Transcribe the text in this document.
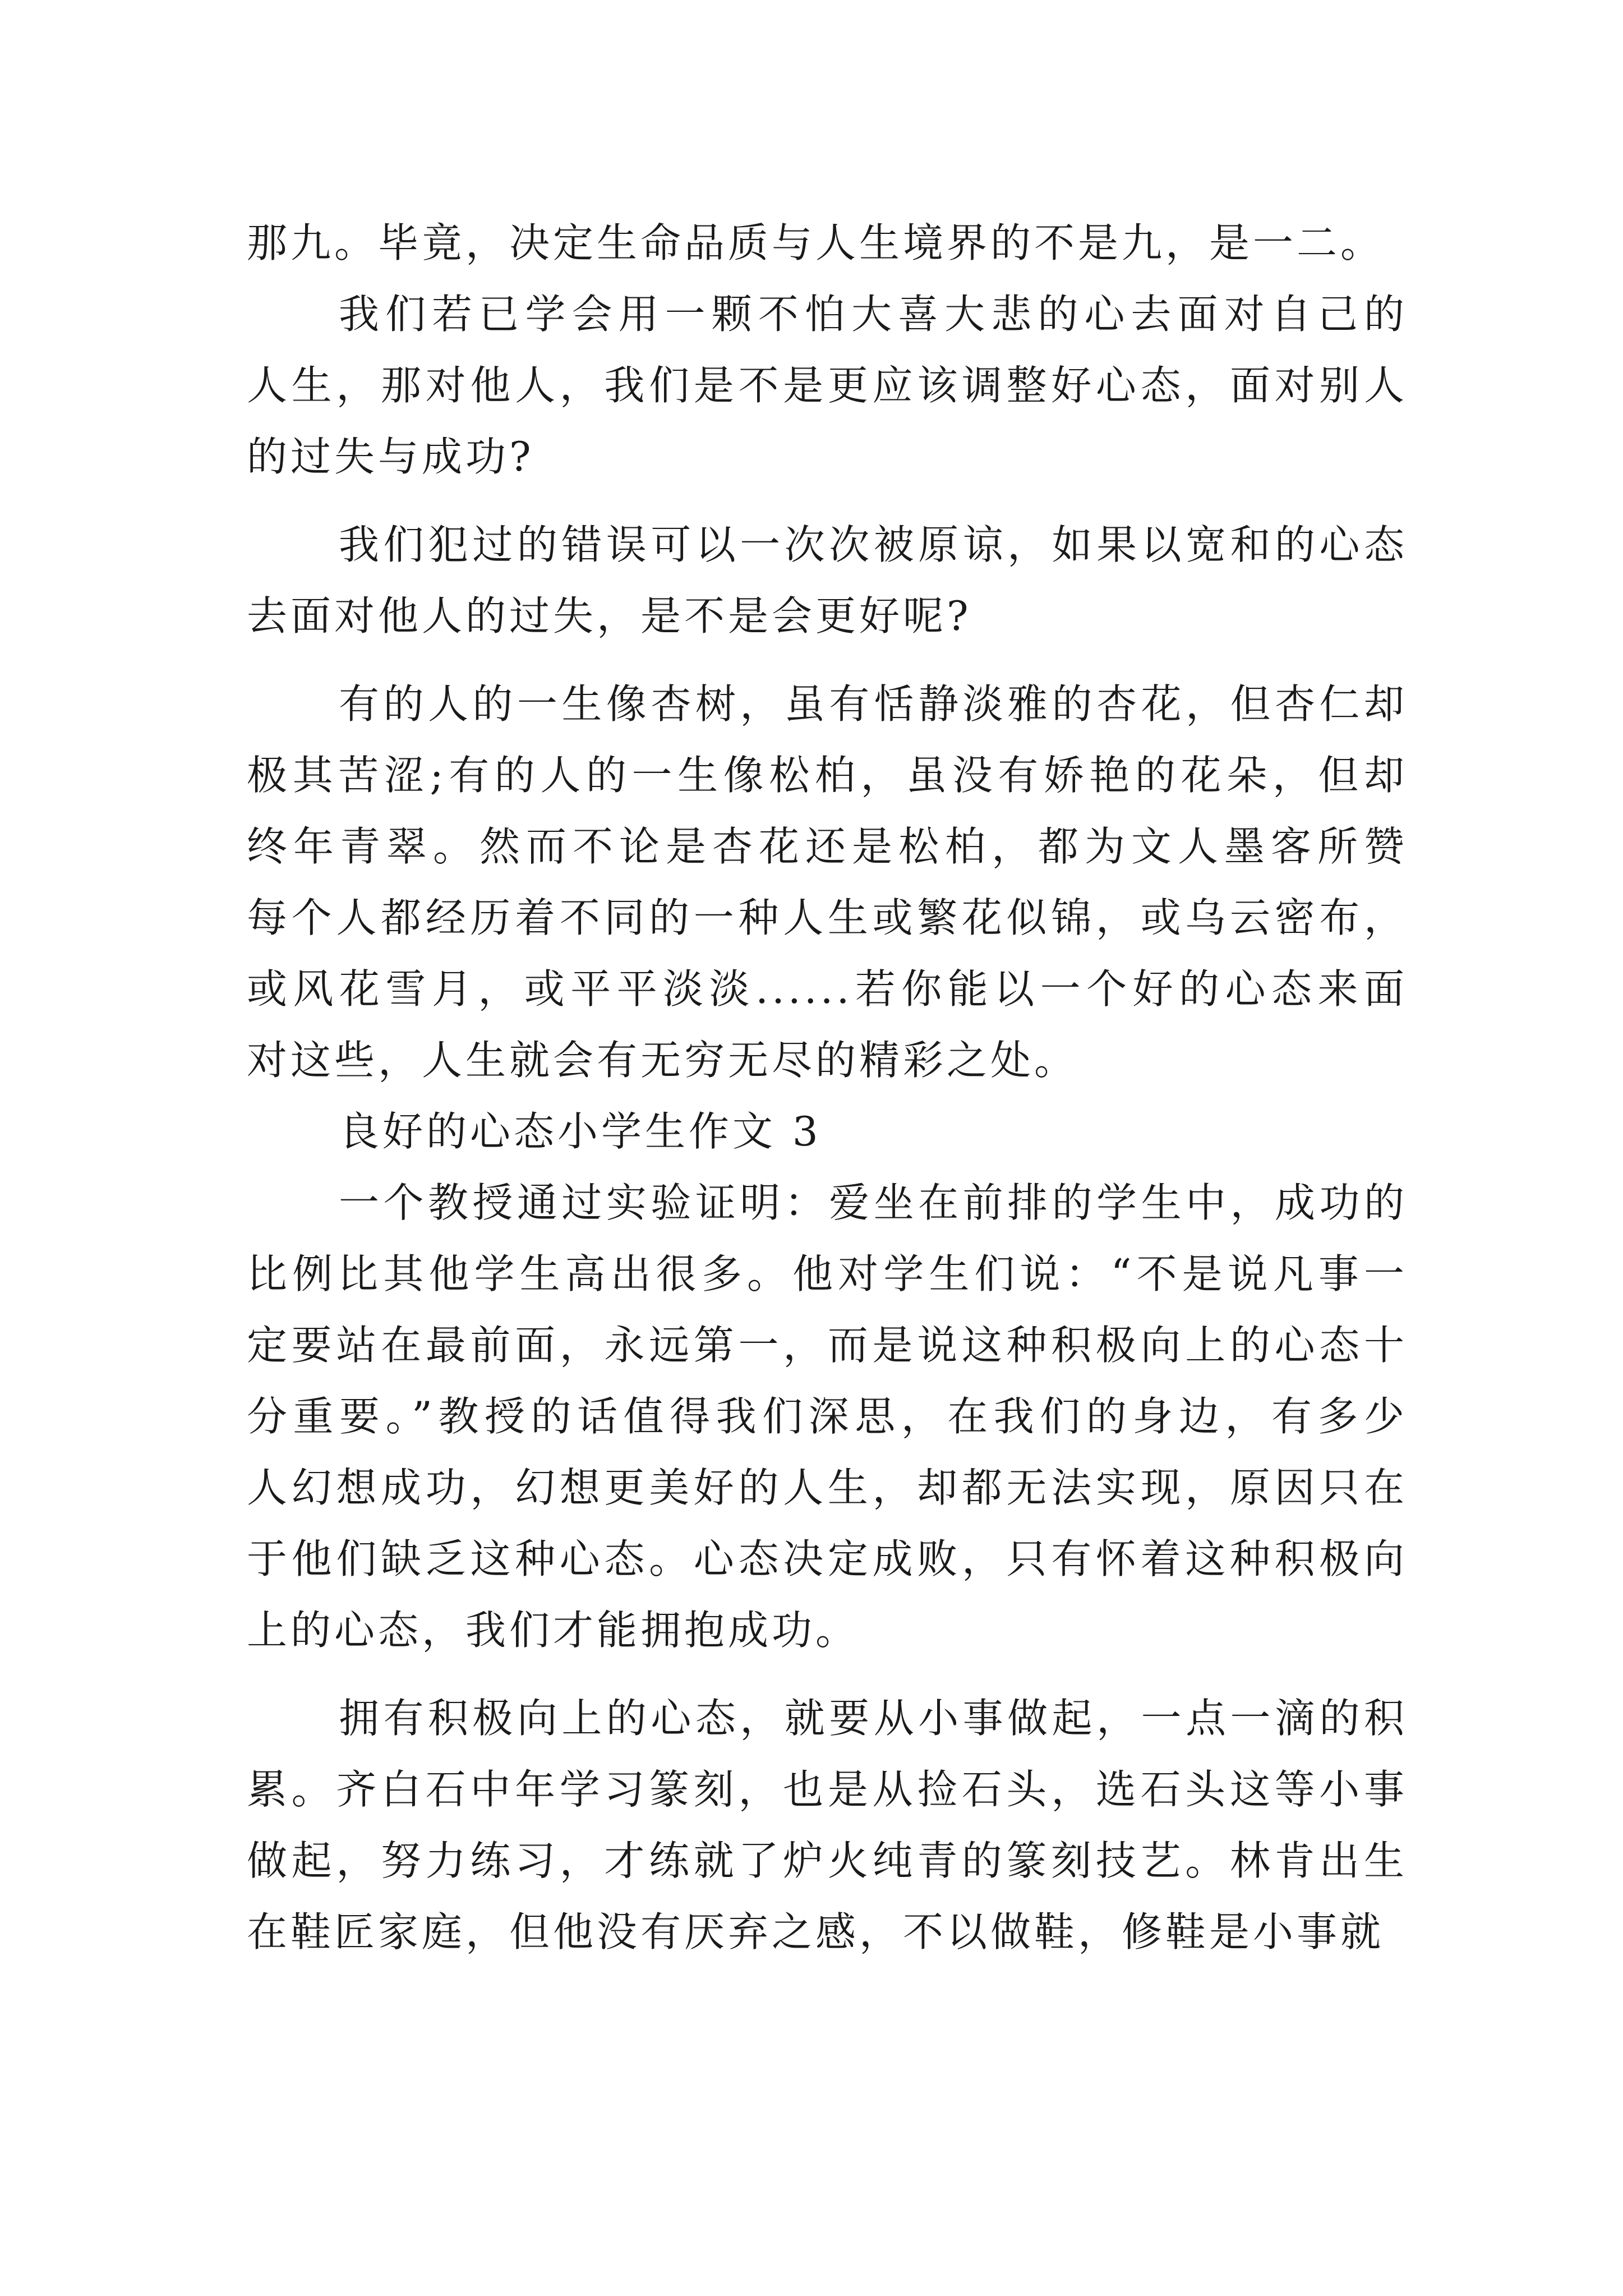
那九。毕竟，决定生命品质与人生境界的不是九，是一二。
我们若已学会用一颗不怕大喜大悲的心去面对自己的
人生，那对他人，我们是不是更应该调整好心态，面对别人
的过失与成功?
我们犯过的错误可以一次次被原谅，如果以宽和的心态
去面对他人的过失，是不是会更好呢?
有的人的一生像杏树，虽有恬静淡雅的杏花，但杏仁却
极其苦涩;有的人的一生像松柏，虽没有娇艳的花朵，但却
终年青翠。然而不论是杏花还是松柏，都为文人墨客所赞
每个人都经历着不同的一种人生或繁花似锦，或乌云密布，
或风花雪月，或平平淡淡......若你能以一个好的心态来面
对这些，人生就会有无穷无尽的精彩之处。
良好的心态小学生作文 3
一个教授通过实验证明：爱坐在前排的学生中，成功的
比例比其他学生高出很多。他对学生们说：“不是说凡事一
定要站在最前面，永远第一，而是说这种积极向上的心态十
分重要。”教授的话值得我们深思，在我们的身边，有多少
人幻想成功，幻想更美好的人生，却都无法实现，原因只在
于他们缺乏这种心态。心态决定成败，只有怀着这种积极向
上的心态，我们才能拥抱成功。
拥有积极向上的心态，就要从小事做起，一点一滴的积
累。齐白石中年学习篆刻，也是从捡石头，选石头这等小事
做起，努力练习，才练就了炉火纯青的篆刻技艺。林肯出生
在鞋匠家庭，但他没有厌弃之感，不以做鞋，修鞋是小事就
